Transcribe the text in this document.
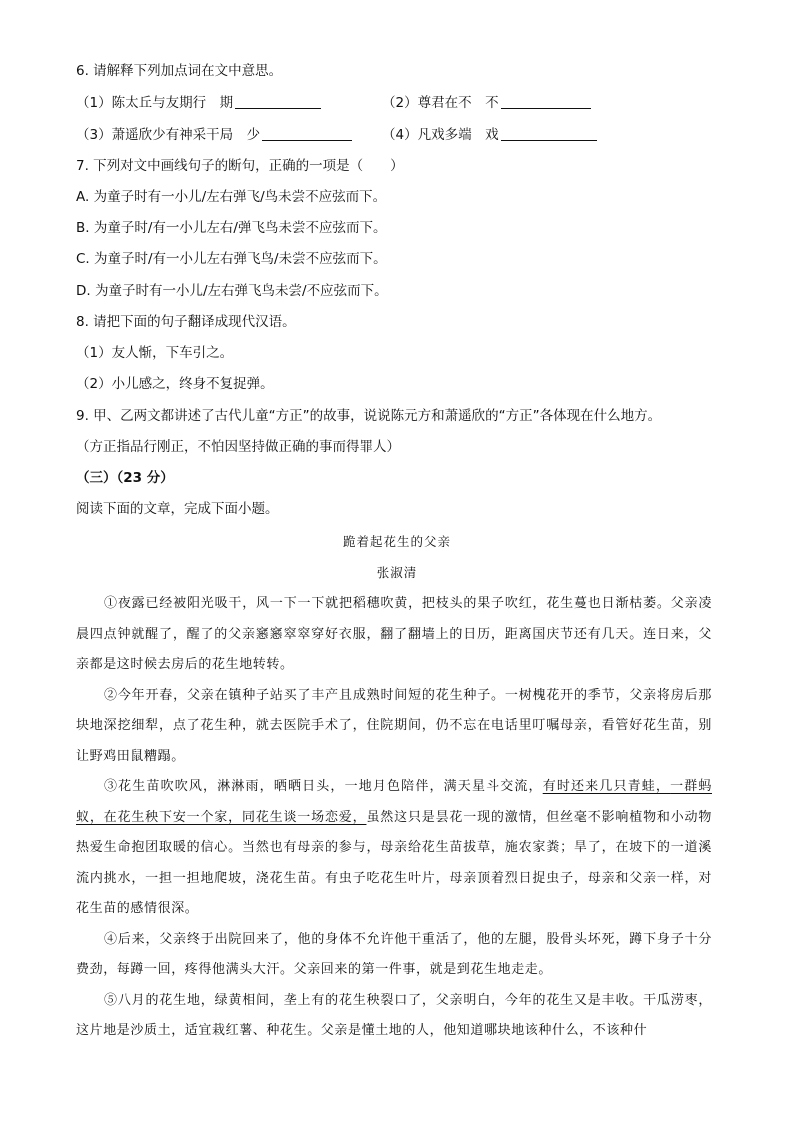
6. 请解释下列加点词在文中意思。
（1）陈太丘与友期行　期	（2）尊君在不　不
（3）萧遥欣少有神采干局　少	（4）凡戏多端　戏
7. 下列对文中画线句子的断句，正确的一项是（　　）
A. 为童子时有一小儿/左右弹飞/鸟未尝不应弦而下。
B. 为童子时/有一小儿左右/弹飞鸟未尝不应弦而下。
C. 为童子时/有一小儿左右弹飞鸟/未尝不应弦而下。
D. 为童子时有一小儿/左右弹飞鸟未尝/不应弦而下。
8. 请把下面的句子翻译成现代汉语。
（1）友人惭，下车引之。
（2）小儿感之，终身不复捉弹。
9. 甲、乙两文都讲述了古代儿童“方正”的故事，说说陈元方和萧遥欣的“方正”各体现在什么地方。
（方正指品行刚正，不怕因坚持做正确的事而得罪人）
（三）（23 分）
阅读下面的文章，完成下面小题。
跪着起花生的父亲
张淑清

①夜露已经被阳光吸干，风一下一下就把稻穗吹黄，把枝头的果子吹红，花生蔓也日渐枯萎。父亲凌晨四点钟就醒了，醒了的父亲窸窸窣窣穿好衣服，翻了翻墙上的日历，距离国庆节还有几天。连日来，父亲都是这时候去房后的花生地转转。

②今年开春，父亲在镇种子站买了丰产且成熟时间短的花生种子。一树槐花开的季节，父亲将房后那块地深挖细犁，点了花生种，就去医院手术了，住院期间，仍不忘在电话里叮嘱母亲，看管好花生苗，别让野鸡田鼠糟蹋。

③花生苗吹吹风，淋淋雨，晒晒日头，一地月色陪伴，满天星斗交流，有时还来几只青蛙，一群蚂蚁，在花生秧下安一个家，同花生谈一场恋爱，虽然这只是昙花一现的激情，但丝毫不影响植物和小动物热爱生命抱团取暖的信心。当然也有母亲的参与，母亲给花生苗拔草，施农家粪；旱了，在坡下的一道溪流内挑水，一担一担地爬坡，浇花生苗。有虫子吃花生叶片，母亲顶着烈日捉虫子，母亲和父亲一样，对花生苗的感情很深。

④后来，父亲终于出院回来了，他的身体不允许他干重活了，他的左腿，股骨头坏死，蹲下身子十分费劲，每蹲一回，疼得他满头大汗。父亲回来的第一件事，就是到花生地走走。

⑤八月的花生地，绿黄相间，垄上有的花生秧裂口了，父亲明白，今年的花生又是丰收。干瓜涝枣，这片地是沙质土，适宜栽红薯、种花生。父亲是懂土地的人，他知道哪块地该种什么，不该种什
